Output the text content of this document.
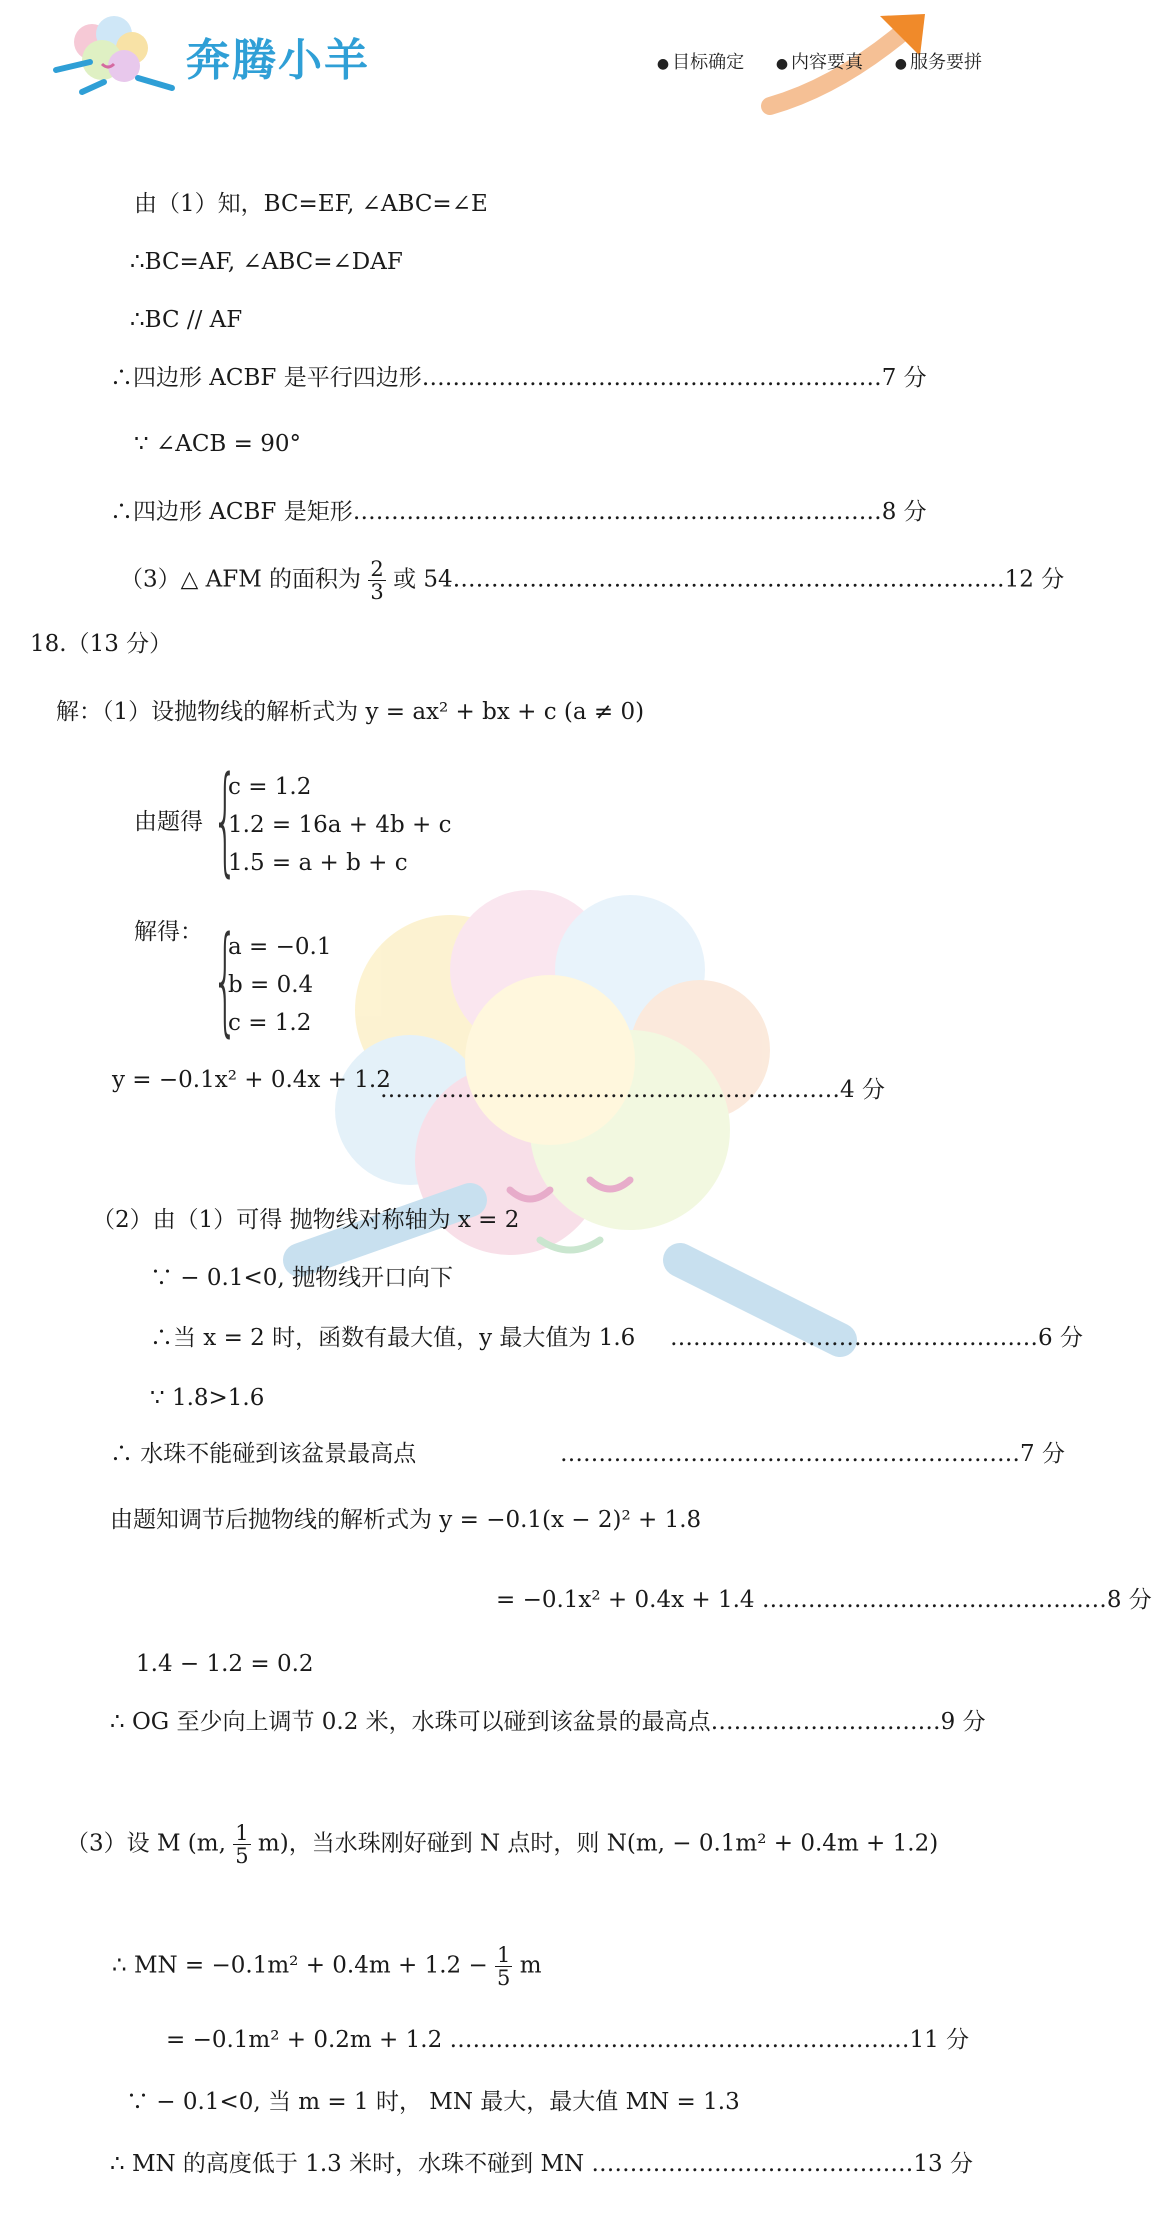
奔腾小羊	● 目标确定	● 内容要真	● 服务要拼
由（1）知，BC=EF, ∠ABC=∠E
∴BC=AF, ∠ABC=∠DAF
∴BC // AF
∴四边形 ACBF 是平行四边形……………………………………………………7 分
∵ ∠ACB = 90°
∴四边形 ACBF 是矩形……………………………………………………………8 分
（3）△ AFM 的面积为 $\frac{2}{3}$ 或 54………………………………………………………………12 分
18.（13 分）
解：（1）设抛物线的解析式为 y = ax² + bx + c (a ≠ 0)
由题得 {
c = 1.2
1.2 = 16a + 4b + c
1.5 = a + b + c
解得： {
a = −0.1
b = 0.4
c = 1.2
y = −0.1x² + 0.4x + 1.2
……………………………………………………4 分
（2）由（1）可得 抛物线对称轴为 x = 2
∵ − 0.1<0, 抛物线开口向下
∴当 x = 2 时，函数有最大值，y 最大值为 1.6 …………………………………………6 分
∵ 1.8>1.6
∴ 水珠不能碰到该盆景最高点	……………………………………………………7 分
由题知调节后抛物线的解析式为 y = −0.1(x − 2)² + 1.8
= −0.1x² + 0.4x + 1.4 ………………………………………8 分
1.4 − 1.2 = 0.2
∴ OG 至少向上调节 0.2 米，水珠可以碰到该盆景的最高点…………………………9 分
（3）设 M (m, $\frac{1}{5} m$)，当水珠刚好碰到 N 点时，则 N(m, − 0.1m² + 0.4m + 1.2)
∴ MN = $-0.1m^2 + 0.4m + 1.2 - \frac{1}{5}$ m
= −0.1m² + 0.2m + 1.2 ……………………………………………………11 分
∵ − 0.1<0, 当 m = 1 时， MN 最大，最大值 MN = 1.3
∴ MN 的高度低于 1.3 米时，水珠不碰到 MN ……………………………………13 分
